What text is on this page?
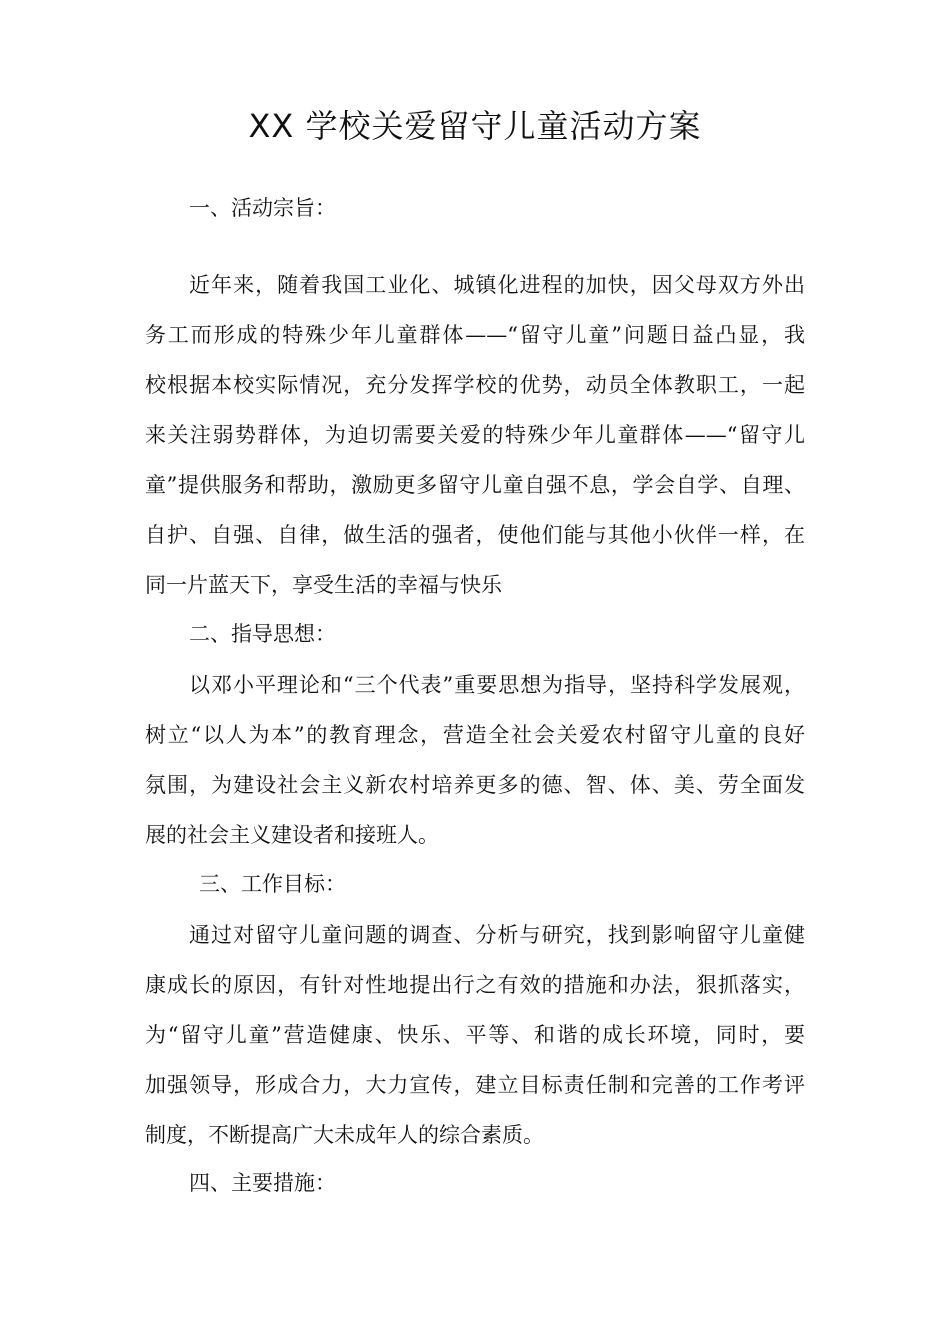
XX 学校关爱留守儿童活动方案
一、活动宗旨：
近年来，随着我国工业化、城镇化进程的加快，因父母双方外出
务工而形成的特殊少年儿童群体——“留守儿童”问题日益凸显，我
校根据本校实际情况，充分发挥学校的优势，动员全体教职工，一起
来关注弱势群体，为迫切需要关爱的特殊少年儿童群体——“留守儿
童”提供服务和帮助，激励更多留守儿童自强不息，学会自学、自理、
自护、自强、自律，做生活的强者，使他们能与其他小伙伴一样，在
同一片蓝天下，享受生活的幸福与快乐
二、指导思想：
以邓小平理论和“三个代表”重要思想为指导，坚持科学发展观，
树立“以人为本”的教育理念，营造全社会关爱农村留守儿童的良好
氛围，为建设社会主义新农村培养更多的德、智、体、美、劳全面发
展的社会主义建设者和接班人。
三、工作目标：
通过对留守儿童问题的调查、分析与研究，找到影响留守儿童健
康成长的原因，有针对性地提出行之有效的措施和办法，狠抓落实，
为“留守儿童”营造健康、快乐、平等、和谐的成长环境，同时，要
加强领导，形成合力，大力宣传，建立目标责任制和完善的工作考评
制度，不断提高广大未成年人的综合素质。
四、主要措施：
